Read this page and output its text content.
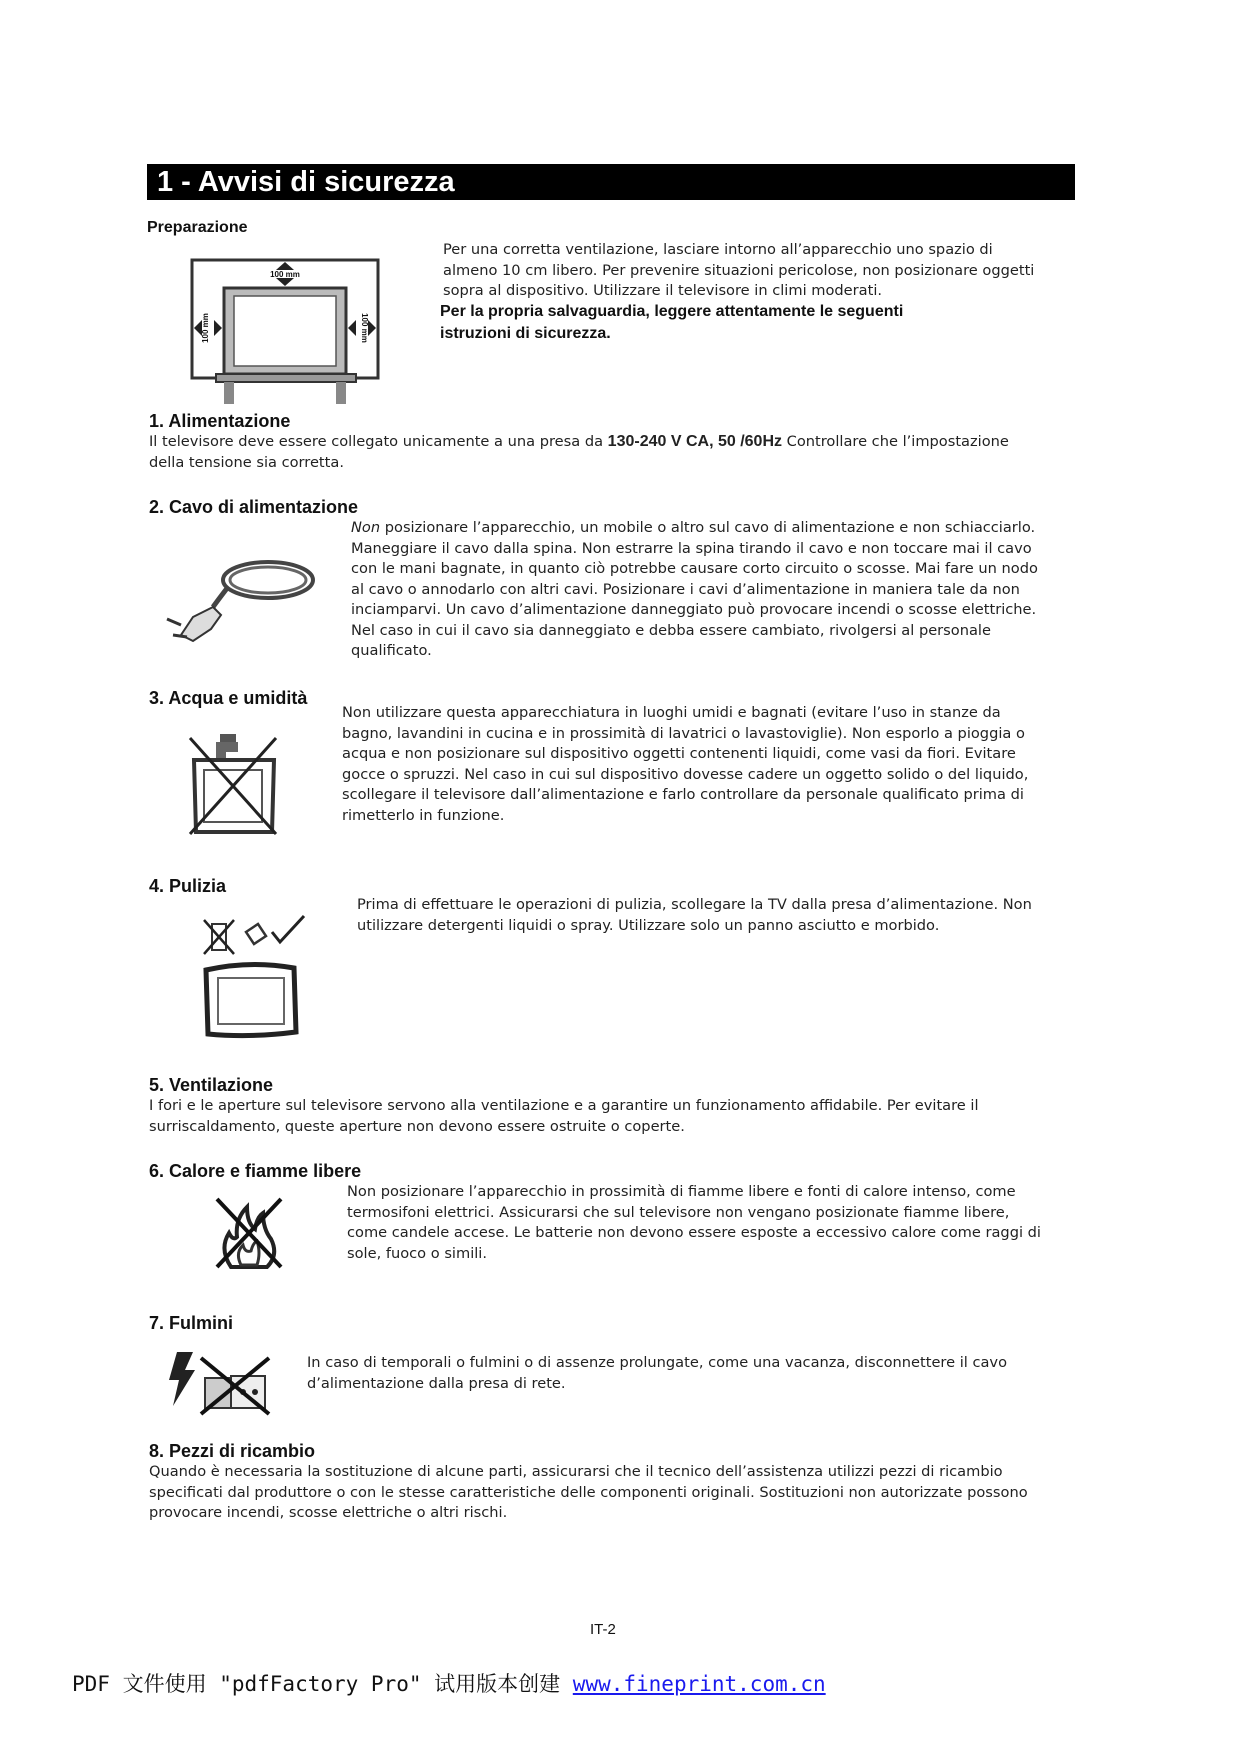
1 - Avvisi di sicurezza
Preparazione
100 mm
100 mm	100 mm
Per una corretta ventilazione, lasciare intorno all’apparecchio uno spazio di
almeno 10 cm libero. Per prevenire situazioni pericolose, non posizionare oggetti
sopra al dispositivo. Utilizzare il televisore in climi moderati.
Per la propria salvaguardia, leggere attentamente le seguenti
istruzioni di sicurezza.
1. Alimentazione
Il televisore deve essere collegato unicamente a una presa da 130-240 V CA, 50 /60Hz Controllare che l’impostazione
della tensione sia corretta.
2. Cavo di alimentazione
Non posizionare l’apparecchio, un mobile o altro sul cavo di alimentazione e non schiacciarlo.
Maneggiare il cavo dalla spina. Non estrarre la spina tirando il cavo e non toccare mai il cavo
con le mani bagnate, in quanto ciò potrebbe causare corto circuito o scosse. Mai fare un nodo
al cavo o annodarlo con altri cavi. Posizionare i cavi d’alimentazione in maniera tale da non
inciamparvi. Un cavo d’alimentazione danneggiato può provocare incendi o scosse elettriche.
Nel caso in cui il cavo sia danneggiato e debba essere cambiato, rivolgersi al personale
qualificato.
3. Acqua e umidità
Non utilizzare questa apparecchiatura in luoghi umidi e bagnati (evitare l’uso in stanze da
bagno, lavandini in cucina e in prossimità di lavatrici o lavastoviglie). Non esporlo a pioggia o
acqua e non posizionare sul dispositivo oggetti contenenti liquidi, come vasi da fiori. Evitare
gocce o spruzzi. Nel caso in cui sul dispositivo dovesse cadere un oggetto solido o del liquido,
scollegare il televisore dall’alimentazione e farlo controllare da personale qualificato prima di
rimetterlo in funzione.
4. Pulizia
Prima di effettuare le operazioni di pulizia, scollegare la TV dalla presa d’alimentazione. Non
utilizzare detergenti liquidi o spray. Utilizzare solo un panno asciutto e morbido.
5. Ventilazione
I fori e le aperture sul televisore servono alla ventilazione e a garantire un funzionamento affidabile. Per evitare il
surriscaldamento, queste aperture non devono essere ostruite o coperte.
6. Calore e fiamme libere
Non posizionare l’apparecchio in prossimità di fiamme libere e fonti di calore intenso, come
termosifoni elettrici. Assicurarsi che sul televisore non vengano posizionate fiamme libere,
come candele accese. Le batterie non devono essere esposte a eccessivo calore come raggi di
sole, fuoco o simili.
7. Fulmini
In caso di temporali o fulmini o di assenze prolungate, come una vacanza, disconnettere il cavo
d’alimentazione dalla presa di rete.
8. Pezzi di ricambio
Quando è necessaria la sostituzione di alcune parti, assicurarsi che il tecnico dell’assistenza utilizzi pezzi di ricambio
specificati dal produttore o con le stesse caratteristiche delle componenti originali. Sostituzioni non autorizzate possono
provocare incendi, scosse elettriche o altri rischi.
IT-2
PDF 文件使用 "pdfFactory Pro" 试用版本创建 www.fineprint.com.cn
